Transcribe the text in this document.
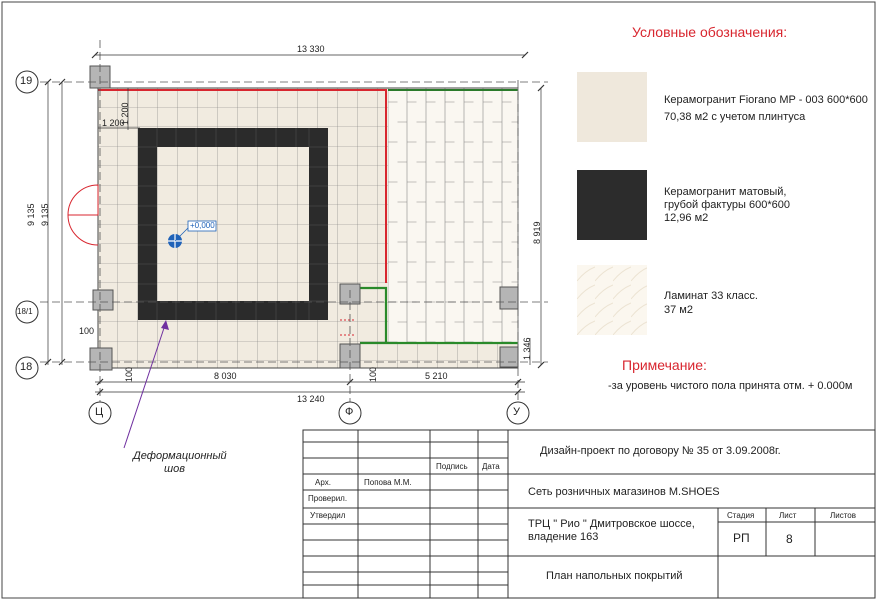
Условные обозначения:
Керамогранит Fiorano MP - 003 600*600
70,38 м2 с учетом плинтуса
Керамогранит матовый,
грубой фактуры 600*600
12,96 м2
Ламинат 33 класс.
37 м2
Примечание:
-за уровень чистого пола принята отм. + 0.000м
13 330
8 030	5 210
13 240
9 135 9 135
8 919
1 346
1 200
1 200
100
100	100
19
18/1
18
Ц	Ф	У
+0,000
Деформационный
шов	Подпись Дата
Арх.	Попова М.М.
Проверил.
Утвердил
Дизайн-проект по договору № 35 от 3.09.2008г.
Сеть розничных магазинов M.SHOES
ТРЦ " Рио " Дмитровское шоссе,
владение 163
Стадия	Лист	Листов
РП	8
План напольных покрытий
